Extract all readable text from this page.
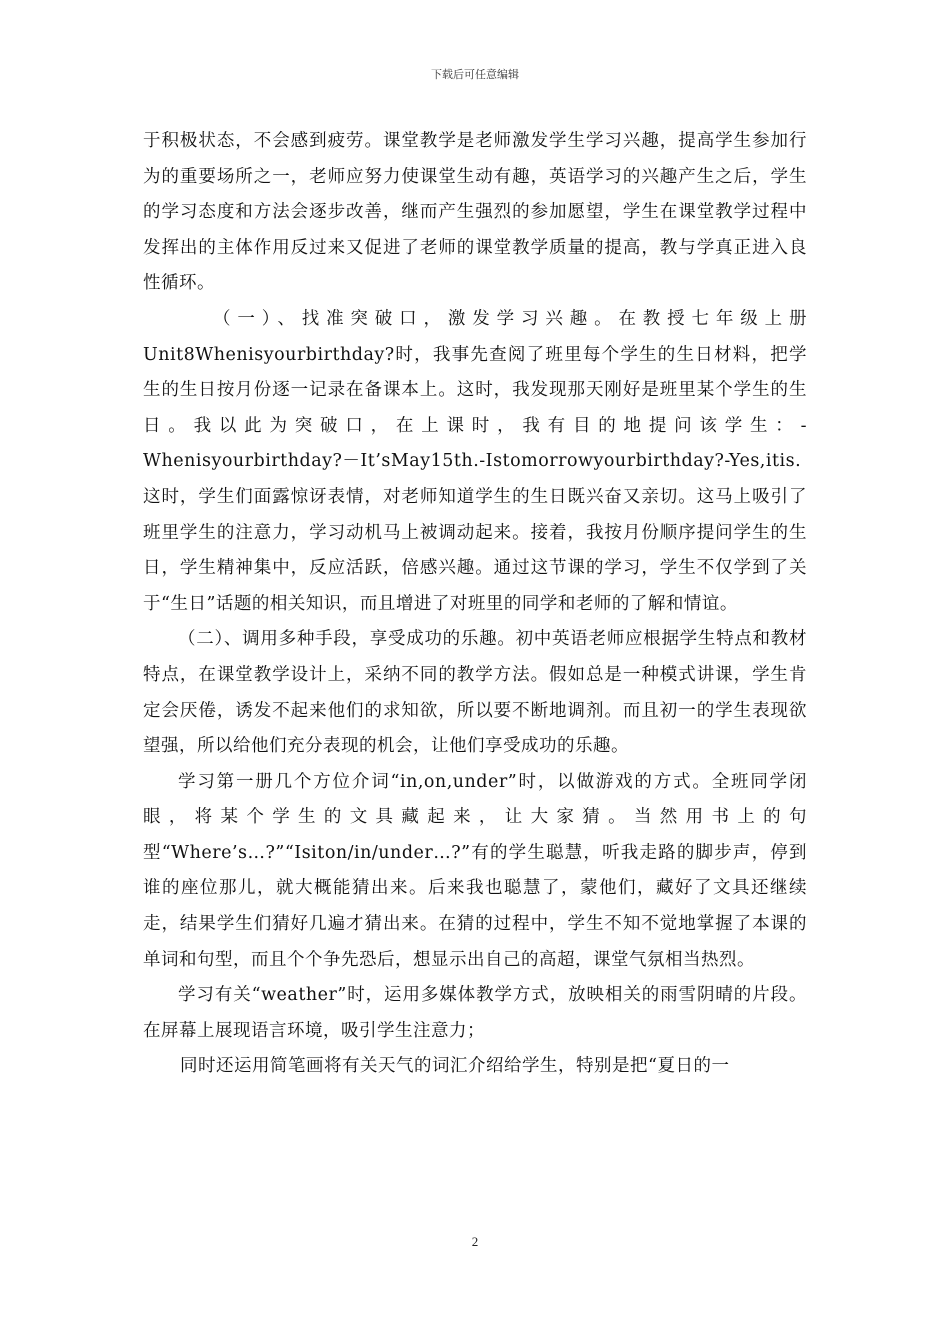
下载后可任意编辑

于积极状态，不会感到疲劳。课堂教学是老师激发学生学习兴趣，提高学生参加行为的重要场所之一，老师应努力使课堂生动有趣，英语学习的兴趣产生之后，学生的学习态度和方法会逐步改善，继而产生强烈的参加愿望，学生在课堂教学过程中发挥出的主体作用反过来又促进了老师的课堂教学质量的提高，教与学真正进入良性循环。

（一）、找准突破口，激发学习兴趣。在教授七年级上册Unit8Whenisyourbirthday?时，我事先查阅了班里每个学生的生日材料，把学生的生日按月份逐一记录在备课本上。这时，我发现那天刚好是班里某个学生的生日。我以此为突破口，在上课时，我有目的地提问该学生：-Whenisyourbirthday?－It’sMay15th.-Istomorrowyourbirthday?-Yes,itis.这时，学生们面露惊讶表情，对老师知道学生的生日既兴奋又亲切。这马上吸引了班里学生的注意力，学习动机马上被调动起来。接着，我按月份顺序提问学生的生日，学生精神集中，反应活跃，倍感兴趣。通过这节课的学习，学生不仅学到了关于“生日”话题的相关知识，而且增进了对班里的同学和老师的了解和情谊。

（二）、调用多种手段，享受成功的乐趣。初中英语老师应根据学生特点和教材特点，在课堂教学设计上，采纳不同的教学方法。假如总是一种模式讲课，学生肯定会厌倦，诱发不起来他们的求知欲，所以要不断地调剂。而且初一的学生表现欲望强，所以给他们充分表现的机会，让他们享受成功的乐趣。

学习第一册几个方位介词“in,on,under”时，以做游戏的方式。全班同学闭眼，将某个学生的文具藏起来，让大家猜。当然用书上的句型“Where’s…?”“Isiton/in/under…?”有的学生聪慧，听我走路的脚步声，停到谁的座位那儿，就大概能猜出来。后来我也聪慧了，蒙他们，藏好了文具还继续走，结果学生们猜好几遍才猜出来。在猜的过程中，学生不知不觉地掌握了本课的单词和句型，而且个个争先恐后，想显示出自己的高超，课堂气氛相当热烈。

学习有关“weather”时，运用多媒体教学方式，放映相关的雨雪阴晴的片段。在屏幕上展现语言环境，吸引学生注意力；

同时还运用简笔画将有关天气的词汇介绍给学生，特别是把“夏日的一

2
